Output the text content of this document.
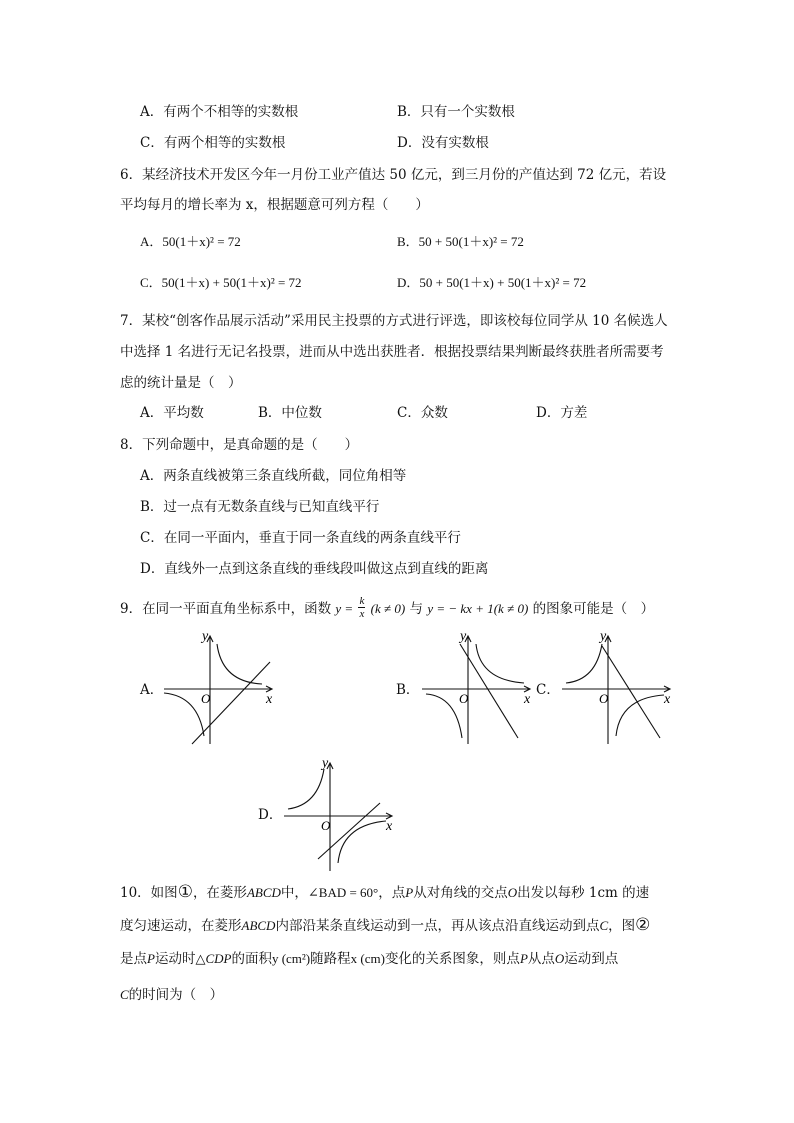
A．有两个不相等的实数根	B．只有一个实数根
C．有两个相等的实数根	D．没有实数根
6．某经济技术开发区今年一月份工业产值达 50 亿元，到三月份的产值达到 72 亿元，若设
平均每月的增长率为 x，根据题意可列方程（　　）
A．50(1＋x)² = 72	B．50 + 50(1＋x)² = 72
C．50(1＋x) + 50(1＋x)² = 72	D．50 + 50(1＋x) + 50(1＋x)² = 72
7．某校“创客作品展示活动”采用民主投票的方式进行评选，即该校每位同学从 10 名候选人
中选择 1 名进行无记名投票，进而从中选出获胜者．根据投票结果判断最终获胜者所需要考
虑的统计量是（　）
A．平均数	B．中位数	C．众数	D．方差
8．下列命题中，是真命题的是（　　）
A．两条直线被第三条直线所截，同位角相等
B．过一点有无数条直线与已知直线平行
C．在同一平面内，垂直于同一条直线的两条直线平行
D．直线外一点到这条直线的垂线段叫做这点到直线的距离
9．在同一平面直角坐标系中，函数 $y = \frac{k}{x} (k \ne 0)$ 与 y = − kx + 1(k ≠ 0) 的图象可能是（　）
A．
y
x
O
B．
y
x
O
C．
y
x
O
D．
y
x
O
10．如图①，在菱形ABCD中，∠BAD = 60°，点P从对角线的交点O出发以每秒 1cm 的速
度匀速运动，在菱形ABCD内部沿某条直线运动到一点，再从该点沿直线运动到点C，图②
是点P运动时△CDP的面积y (cm²)随路程x (cm)变化的关系图象，则点P从点O运动到点
C的时间为（　）
